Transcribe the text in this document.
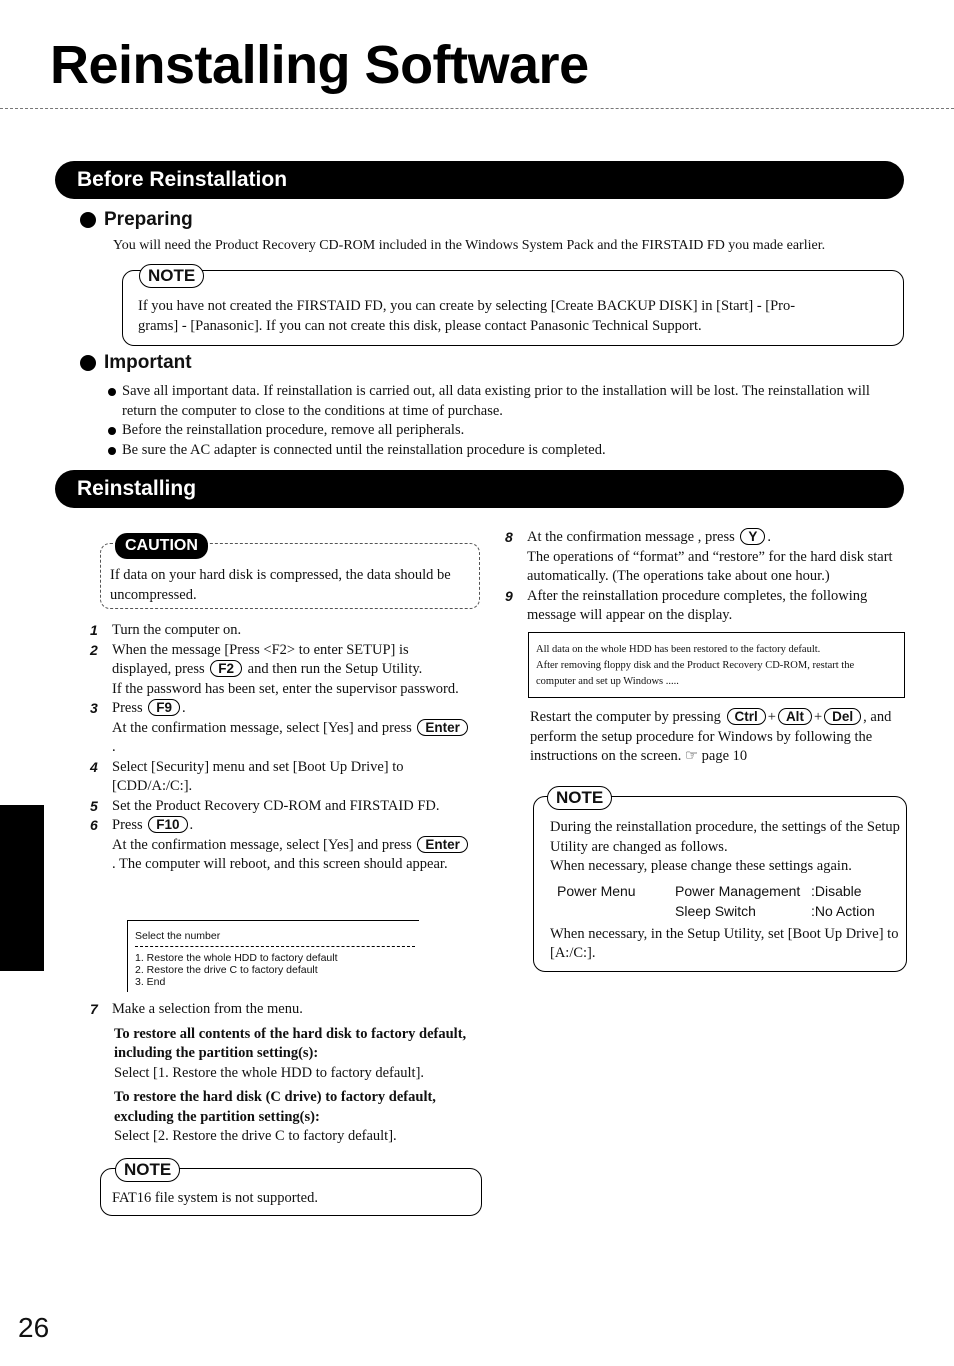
Reinstalling Software
Before Reinstallation
Preparing
You will need the Product Recovery CD-ROM included in the Windows System Pack and the FIRSTAID FD you made earlier.
NOTE
If you have not created the FIRSTAID FD, you can create by selecting [Create BACKUP DISK] in [Start] - [Pro-
grams] - [Panasonic]. If you can not create this disk, please contact Panasonic Technical Support.
Important
Save all important data. If reinstallation is carried out, all data existing prior to the installation will be lost. The reinstallation will return the computer to close to the conditions at time of purchase.
Before the reinstallation procedure, remove all peripherals.
Be sure the AC adapter is connected until the reinstallation procedure is completed.
Reinstalling
CAUTION
If data on your hard disk is compressed, the data should be uncompressed.
1 Turn the computer on.
2 When the message [Press <F2> to enter SETUP] is displayed, press F2 and then run the Setup Utility.
If the password has been set, enter the supervisor password.
3 Press F9 .
At the confirmation message, select [Yes] and press Enter.
4 Select [Security] menu and set [Boot Up Drive] to [CDD/A:/C:].
5 Set the Product Recovery CD-ROM and FIRSTAID FD.
6 Press F10 .
At the confirmation message, select [Yes] and press Enter. The computer will reboot, and this screen should appear.
Select the number
1. Restore the whole HDD to factory default
2. Restore the drive C to factory default
3. End
7 Make a selection from the menu.
To restore all contents of the hard disk to factory default, including the partition setting(s):
Select [1. Restore the whole HDD to factory default].
To restore the hard disk (C drive) to factory default, excluding the partition setting(s):
Select [2. Restore the drive C to factory default].
NOTE
FAT16 file system is not supported.
8 At the confirmation message , press Y .
The operations of “format” and “restore” for the hard disk start automatically. (The operations take about one hour.)
9 After the reinstallation procedure completes, the following message will appear on the display.
All data on the whole HDD has been restored to the factory default.
After removing floppy disk and the Product Recovery CD-ROM, restart the
computer and set up Windows .....
Restart the computer by pressing Ctrl + Alt + Del , and perform the setup procedure for Windows by following the instructions on the screen. ☞ page 10
NOTE
During the reinstallation procedure, the settings of the Setup Utility are changed as follows.
When necessary, please change these settings again.
Power Menu	Power Management	:Disable
	Sleep Switch	:No Action
When necessary, in the Setup Utility, set [Boot Up Drive] to [A:/C:].
26
